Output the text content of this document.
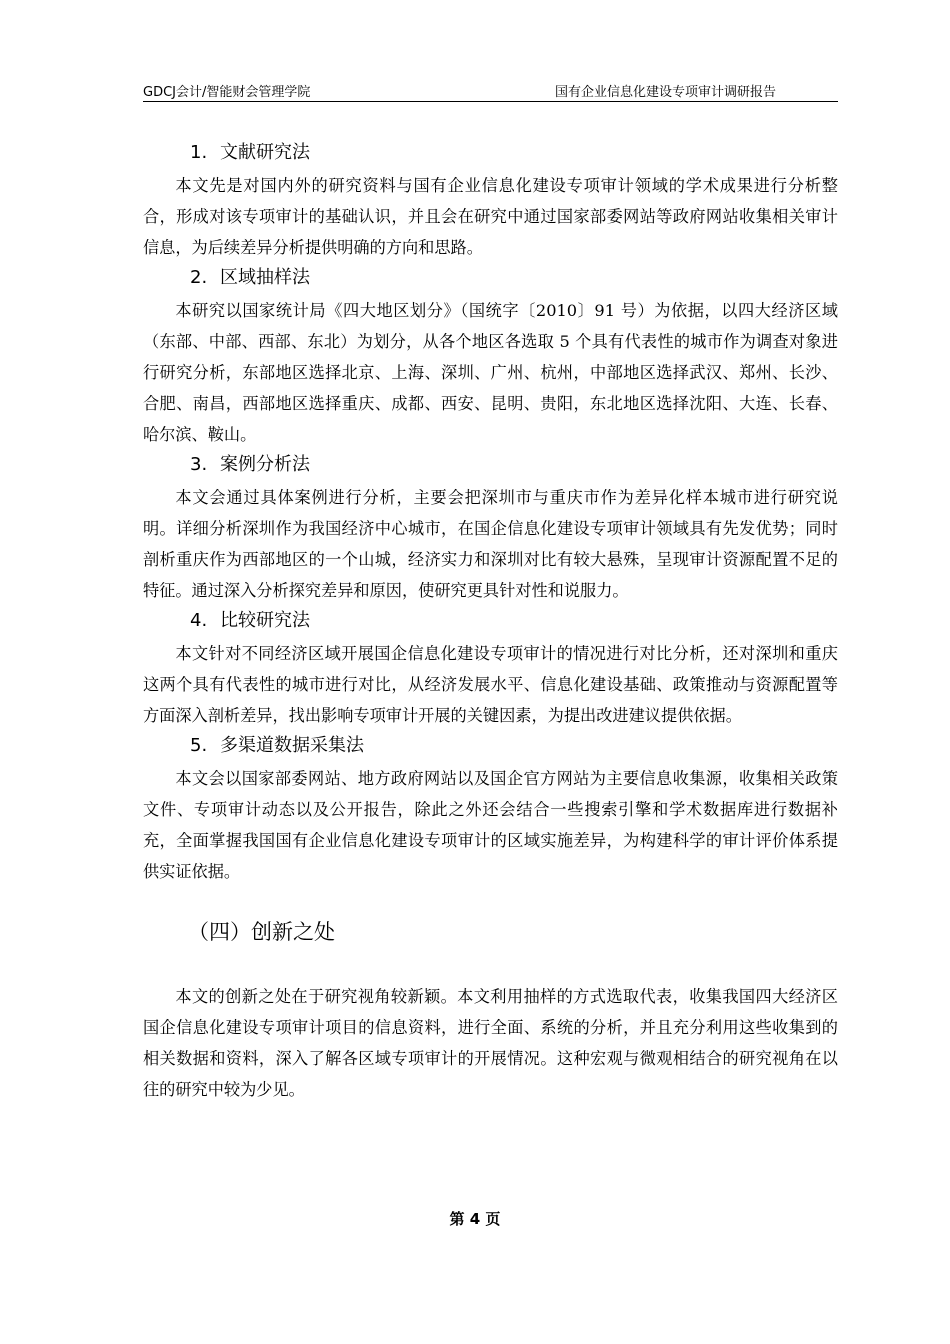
GDCJ会计/智能财会管理学院	国有企业信息化建设专项审计调研报告
1. 文献研究法

本文先是对国内外的研究资料与国有企业信息化建设专项审计领域的学术成果进行分析整合，形成对该专项审计的基础认识，并且会在研究中通过国家部委网站等政府网站收集相关审计信息，为后续差异分析提供明确的方向和思路。

2. 区域抽样法

本研究以国家统计局《四大地区划分》（国统字〔2010〕91 号）为依据，以四大经济区域（东部、中部、西部、东北）为划分，从各个地区各选取 5 个具有代表性的城市作为调查对象进行研究分析，东部地区选择北京、上海、深圳、广州、杭州，中部地区选择武汉、郑州、长沙、合肥、南昌，西部地区选择重庆、成都、西安、昆明、贵阳，东北地区选择沈阳、大连、长春、哈尔滨、鞍山。

3. 案例分析法

本文会通过具体案例进行分析，主要会把深圳市与重庆市作为差异化样本城市进行研究说明。详细分析深圳作为我国经济中心城市，在国企信息化建设专项审计领域具有先发优势；同时剖析重庆作为西部地区的一个山城，经济实力和深圳对比有较大悬殊，呈现审计资源配置不足的特征。通过深入分析探究差异和原因，使研究更具针对性和说服力。

4. 比较研究法

本文针对不同经济区域开展国企信息化建设专项审计的情况进行对比分析，还对深圳和重庆这两个具有代表性的城市进行对比，从经济发展水平、信息化建设基础、政策推动与资源配置等方面深入剖析差异，找出影响专项审计开展的关键因素，为提出改进建议提供依据。

5. 多渠道数据采集法

本文会以国家部委网站、地方政府网站以及国企官方网站为主要信息收集源，收集相关政策文件、专项审计动态以及公开报告，除此之外还会结合一些搜索引擎和学术数据库进行数据补充，全面掌握我国国有企业信息化建设专项审计的区域实施差异，为构建科学的审计评价体系提供实证依据。

（四）创新之处

本文的创新之处在于研究视角较新颖。本文利用抽样的方式选取代表，收集我国四大经济区国企信息化建设专项审计项目的信息资料，进行全面、系统的分析，并且充分利用这些收集到的相关数据和资料，深入了解各区域专项审计的开展情况。这种宏观与微观相结合的研究视角在以往的研究中较为少见。

第 4 页
